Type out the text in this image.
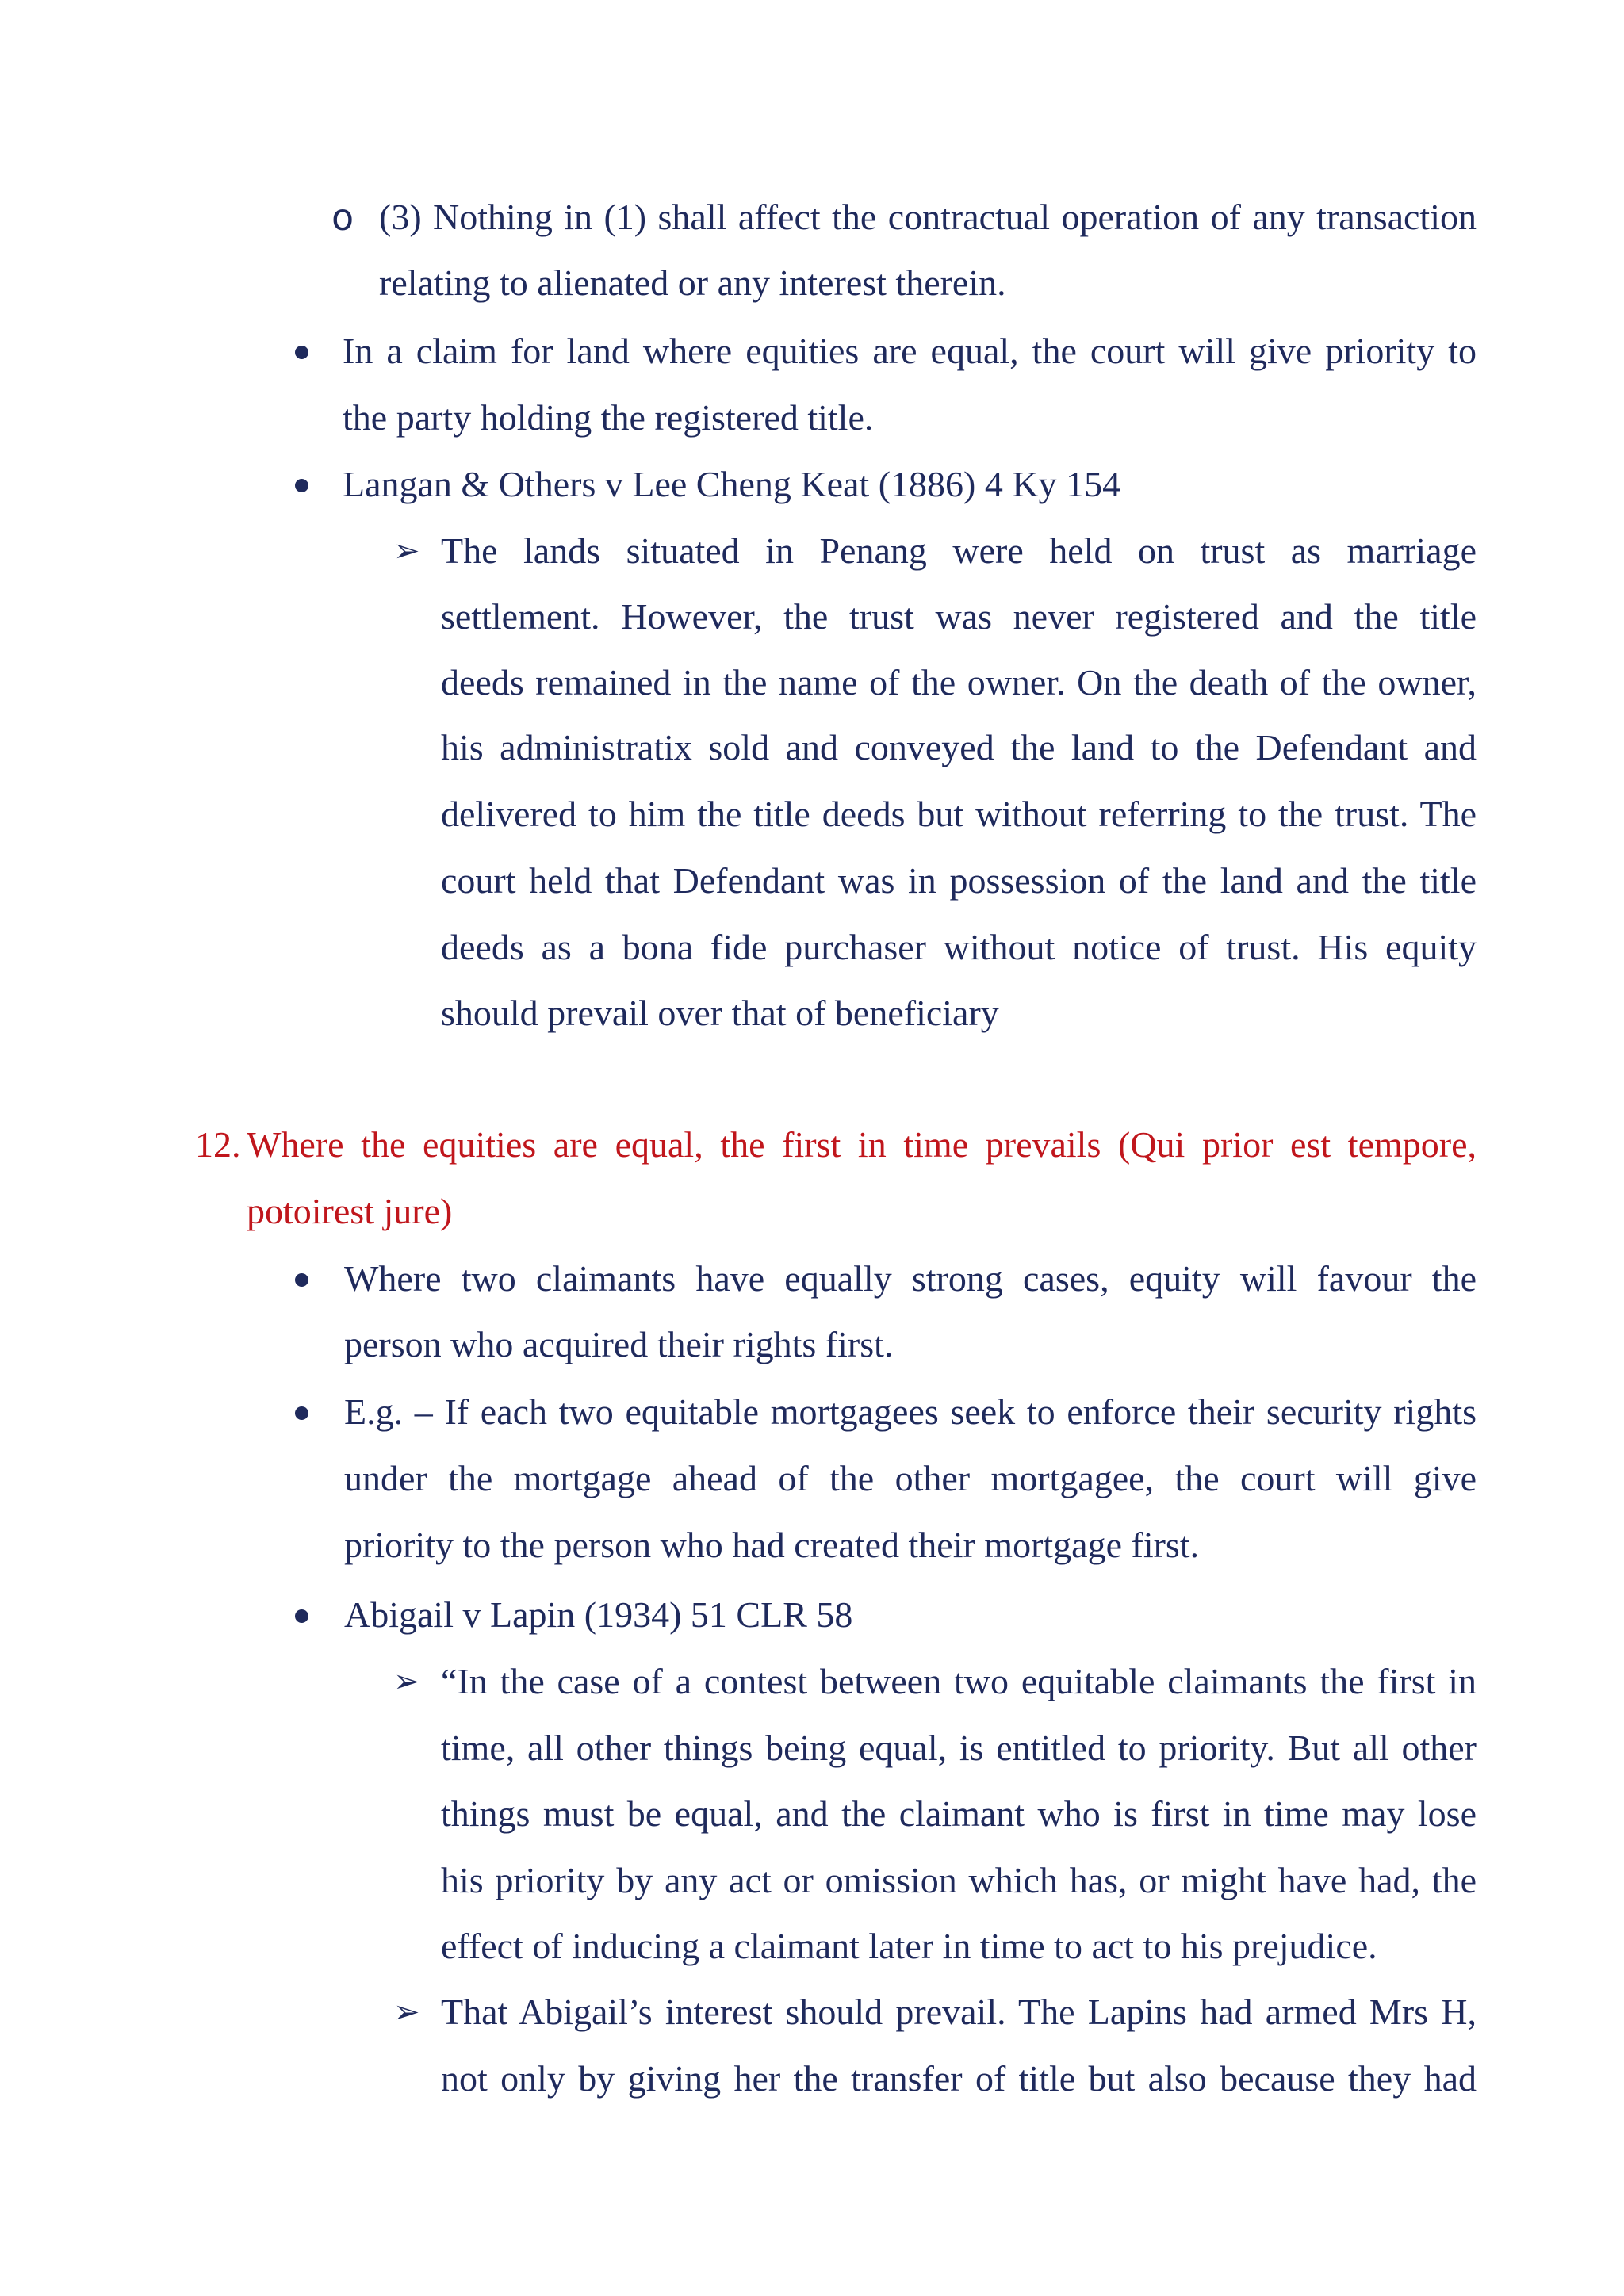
o (3) Nothing in (1) shall affect the contractual operation of any transaction
relating to alienated or any interest therein.
In a claim for land where equities are equal, the court will give priority to
the party holding the registered title.
Langan & Others v Lee Cheng Keat (1886) 4 Ky 154
➢ The lands situated in Penang were held on trust as marriage
settlement. However, the trust was never registered and the title
deeds remained in the name of the owner. On the death of the owner,
his administratix sold and conveyed the land to the Defendant and
delivered to him the title deeds but without referring to the trust. The
court held that Defendant was in possession of the land and the title
deeds as a bona fide purchaser without notice of trust. His equity
should prevail over that of beneficiary
12. Where the equities are equal, the first in time prevails (Qui prior est tempore,
potoirest jure)
Where two claimants have equally strong cases, equity will favour the
person who acquired their rights first.
E.g. – If each two equitable mortgagees seek to enforce their security rights
under the mortgage ahead of the other mortgagee, the court will give
priority to the person who had created their mortgage first.
Abigail v Lapin (1934) 51 CLR 58
➢ “In the case of a contest between two equitable claimants the first in
time, all other things being equal, is entitled to priority. But all other
things must be equal, and the claimant who is first in time may lose
his priority by any act or omission which has, or might have had, the
effect of inducing a claimant later in time to act to his prejudice.
➢ That Abigail’s interest should prevail. The Lapins had armed Mrs H,
not only by giving her the transfer of title but also because they had
